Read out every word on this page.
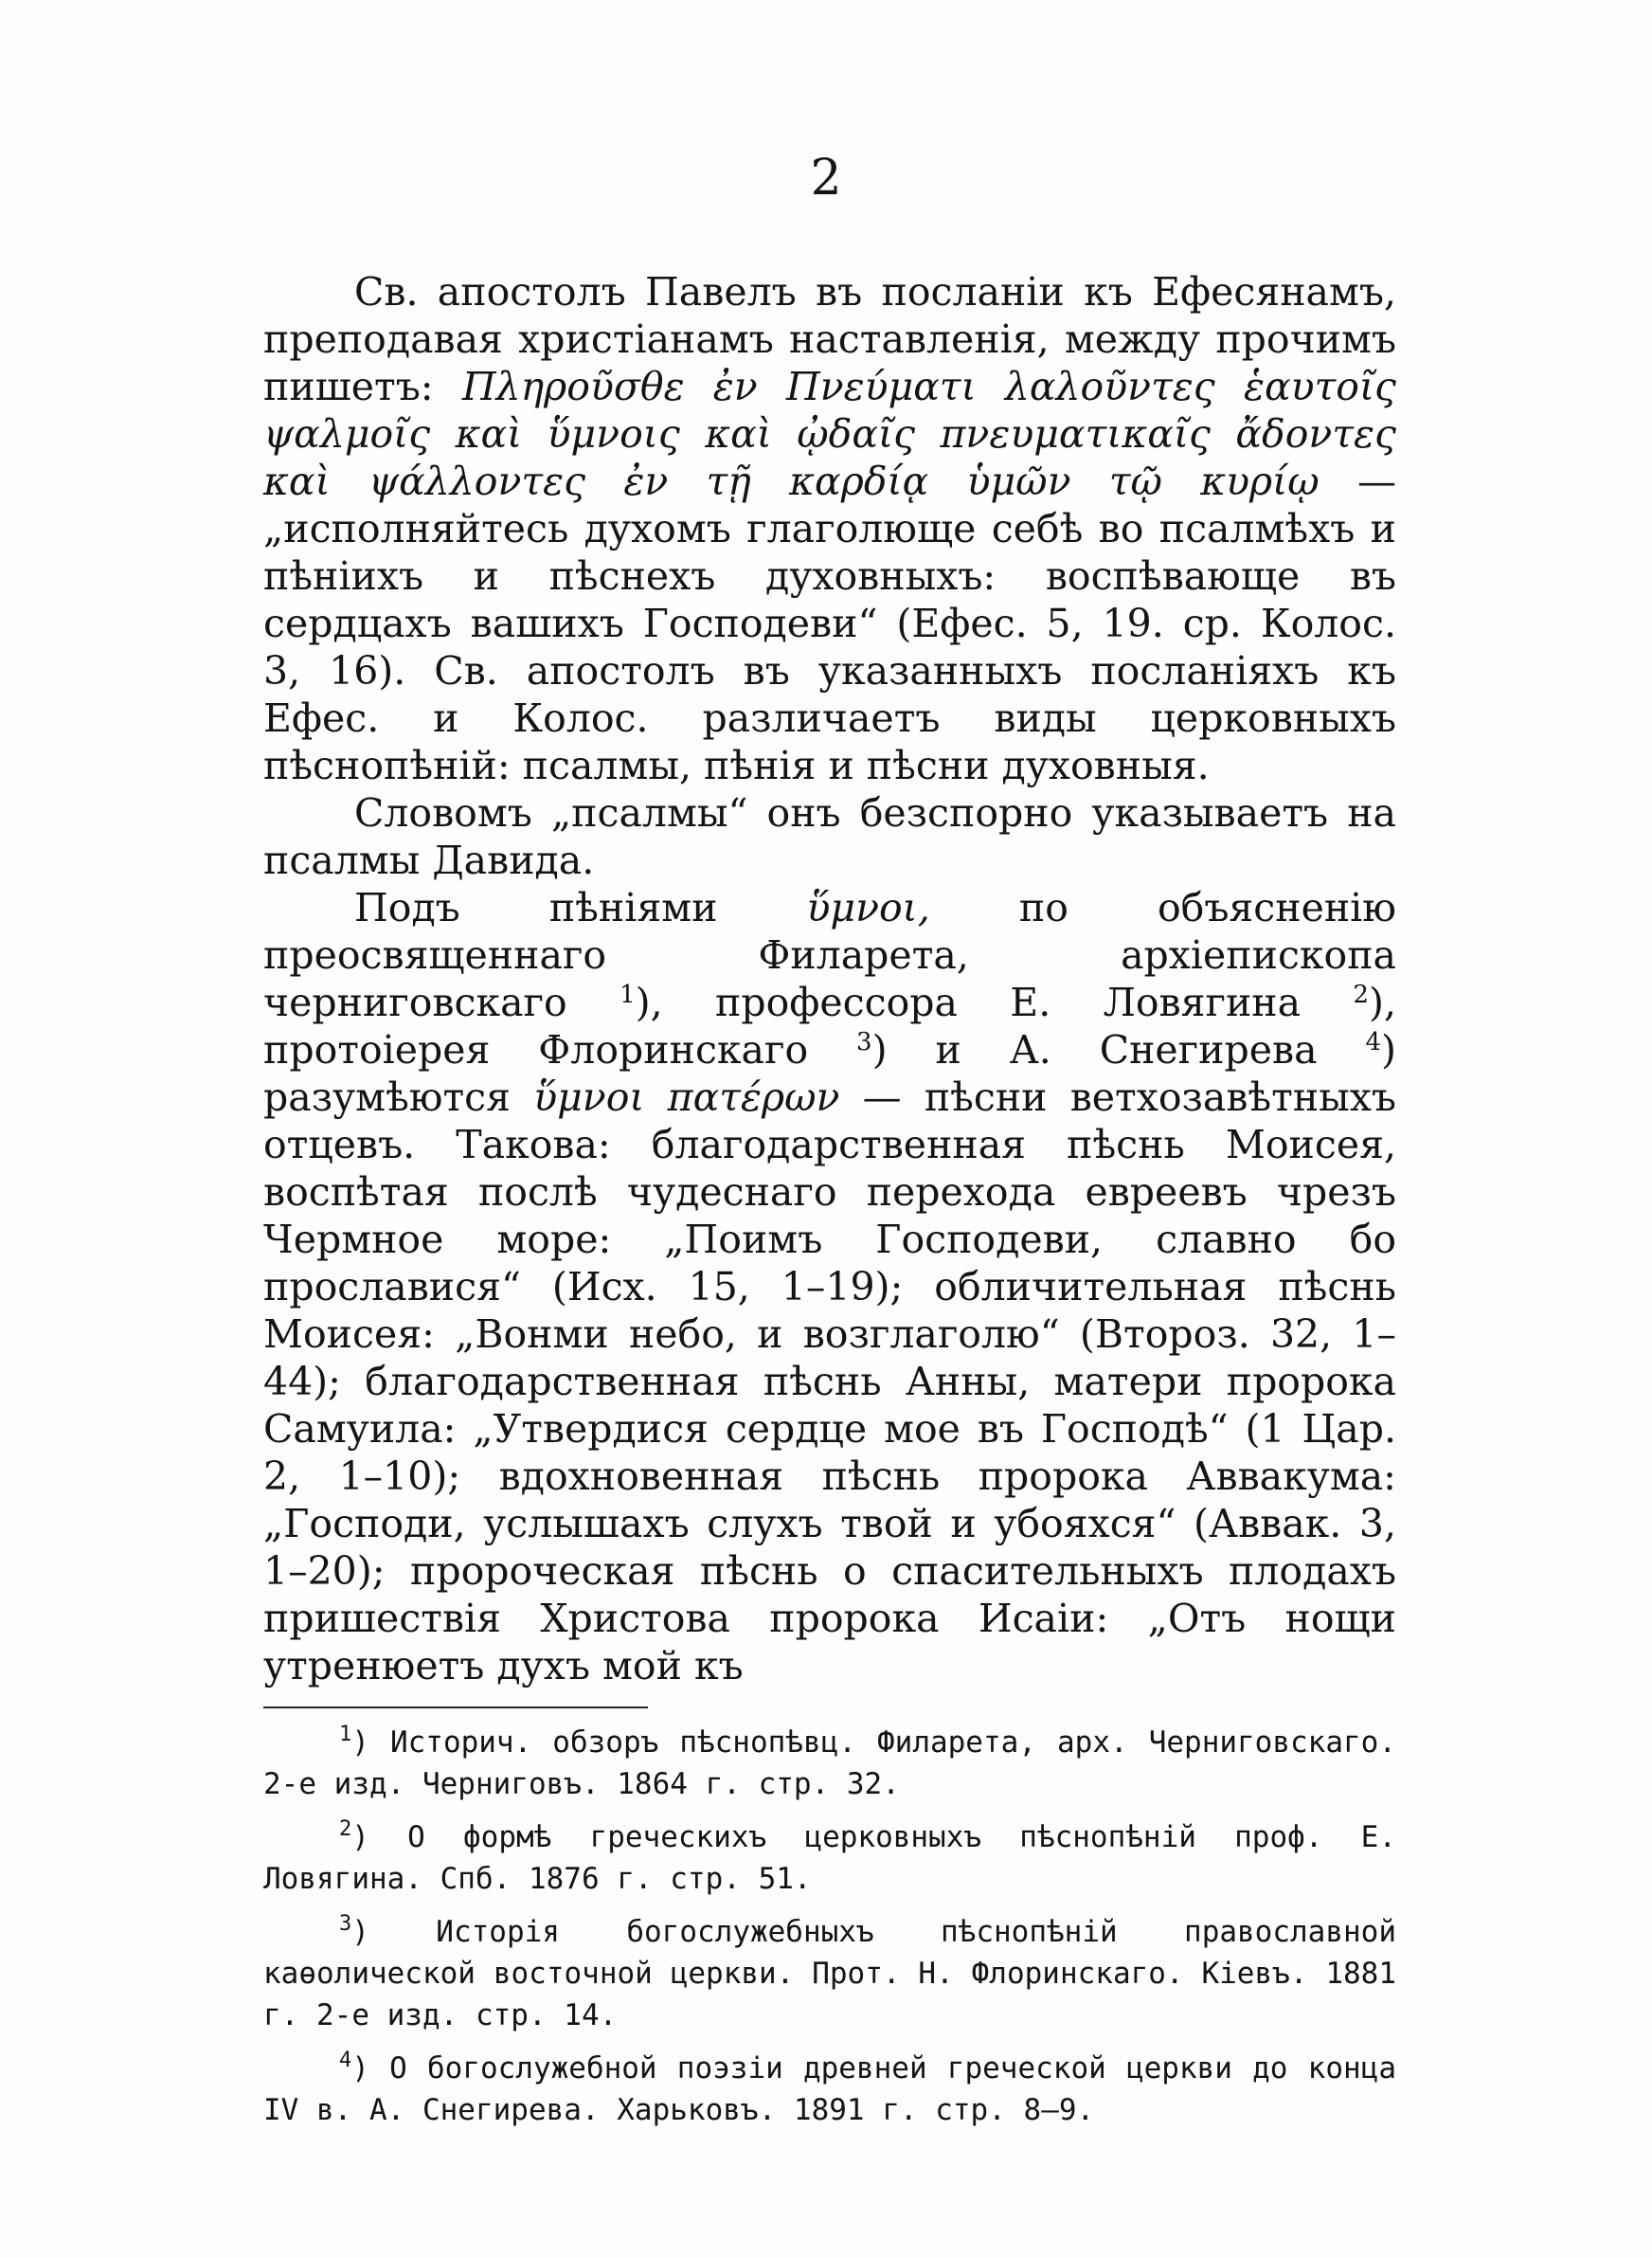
2

Св. апостолъ Павелъ въ посланіи къ Ефесянамъ, преподавая христіанамъ наставленія, между прочимъ пишетъ: Πληροῦσθε ἐν Πνεύματι λαλοῦντες ἑαυτοῖς ψαλμοῖς καὶ ὕμνοις καὶ ᾠδαῖς πνευματικαῖς ἄδοντες καὶ ψάλλοντες ἐν τῇ καρδίᾳ ὑμῶν τῷ κυρίῳ — „исполняйтесь духомъ глаголюще себѣ во псалмѣхъ и пѣніихъ и пѣснехъ духовныхъ: воспѣвающе въ сердцахъ вашихъ Господеви“ (Ефес. 5, 19. ср. Колос. 3, 16). Св. апостолъ въ указанныхъ посланіяхъ къ Ефес. и Колос. различаетъ виды церковныхъ пѣснопѣній: псалмы, пѣнія и пѣсни духовныя.

Словомъ „псалмы“ онъ безспорно указываетъ на псалмы Давида.

Подъ пѣніями ὕμνοι, по объясненію преосвященнаго Филарета, архіепископа черниговскаго $^1$), профессора Е. Ловягина $^2$), протоіерея Флоринскаго $^3$) и А. Снегирева $^4$) разумѣются ὕμνοι πατέρων — пѣсни ветхозавѣтныхъ отцевъ. Такова: благодарственная пѣснь Моисея, воспѣтая послѣ чудеснаго перехода евреевъ чрезъ Чермное море: „Поимъ Господеви, славно бо прославися“ (Исх. 15, 1–19); обличительная пѣснь Моисея: „Вонми небо, и возглаголю“ (Второз. 32, 1–44); благодарственная пѣснь Анны, матери пророка Самуила: „Утвердися сердце мое въ Господѣ“ (1 Цар. 2, 1–10); вдохновенная пѣснь пророка Аввакума: „Господи, услышахъ слухъ твой и убояхся“ (Аввак. 3, 1–20); пророческая пѣснь о спасительныхъ плодахъ пришествія Христова пророка Исаіи: „Отъ нощи утренюетъ духъ мой къ

$^1$) Историч. обзоръ пѣснопѣвц. Филарета, арх. Черниговскаго. 2-е изд. Черниговъ. 1864 г. стр. 32.

$^2$) О формѣ греческихъ церковныхъ пѣснопѣній проф. Е. Ловягина. Спб. 1876 г. стр. 51.

$^3$) Исторія богослужебныхъ пѣснопѣній православной каѳолической восточной церкви. Прот. Н. Флоринскаго. Кіевъ. 1881 г. 2-е изд. стр. 14.

$^4$) О богослужебной поэзіи древней греческой церкви до конца IV в. А. Снегирева. Харьковъ. 1891 г. стр. 8—9.
